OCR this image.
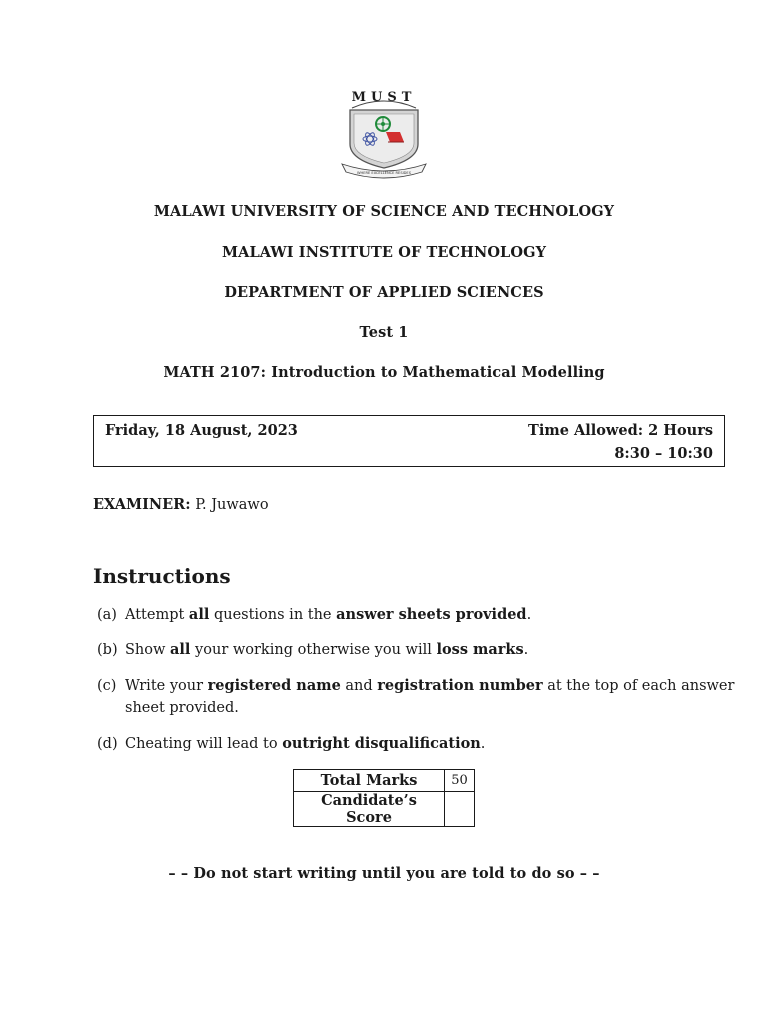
MUST
WHERE EXCELLENCE RESIDES
MALAWI UNIVERSITY OF SCIENCE AND TECHNOLOGY
MALAWI INSTITUTE OF TECHNOLOGY
DEPARTMENT OF APPLIED SCIENCES
Test 1
MATH 2107: Introduction to Mathematical Modelling
Friday, 18 August, 2023	Time Allowed: 2 Hours
8:30 – 10:30
EXAMINER: P. Juwawo
Instructions
(a) Attempt all questions in the answer sheets provided.
(b) Show all your working otherwise you will loss marks.
(c) Write your registered name and registration number at the top of each answer
sheet provided.
(d) Cheating will lead to outright disqualification.
Total Marks	50
Candidate’s Score	
– – Do not start writing until you are told to do so – –
